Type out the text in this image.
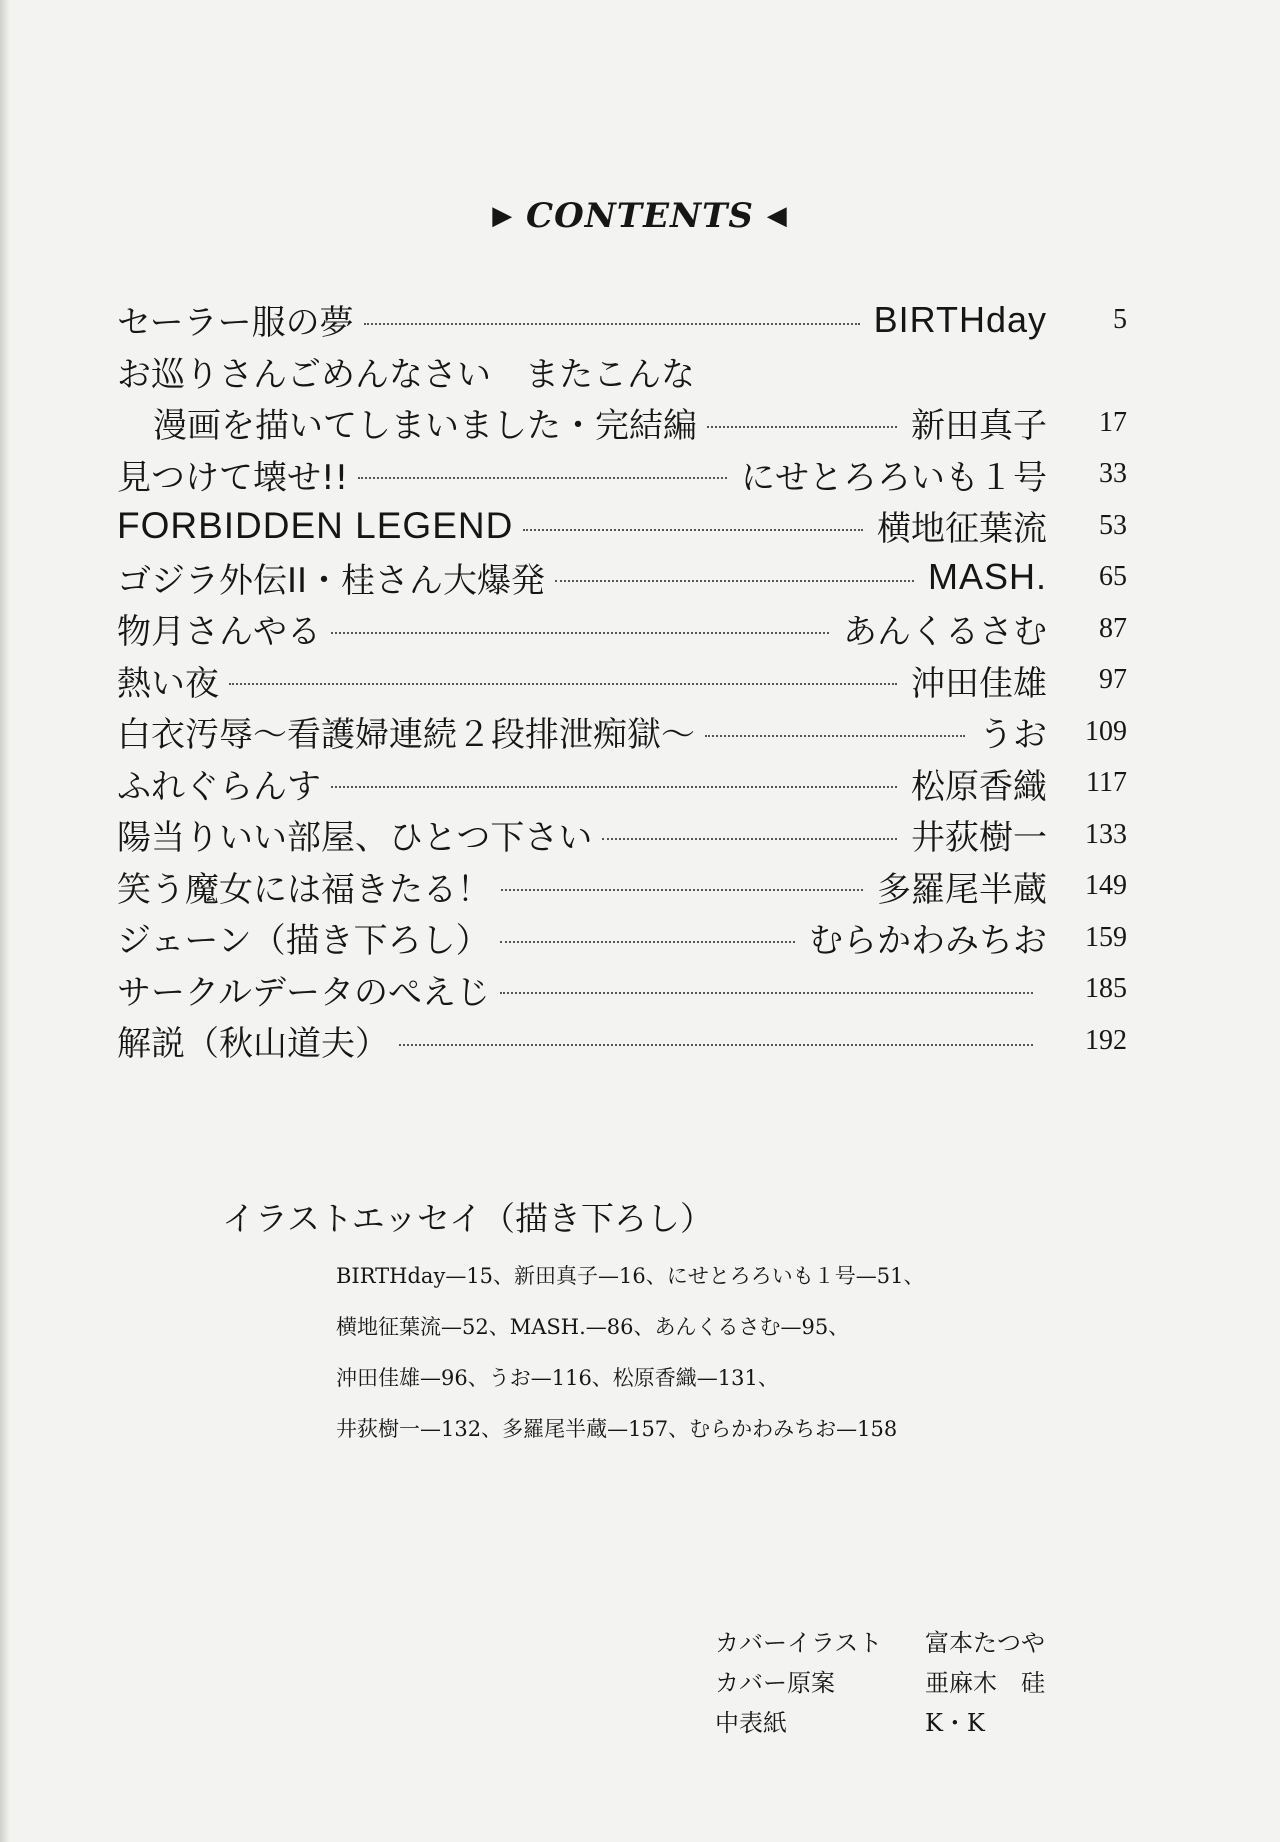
▶ CONTENTS ◀
セーラー服の夢	BIRTHday	5
お巡りさんごめんなさい　またこんな
漫画を描いてしまいました・完結編	新田真子	17
見つけて壊せ!!	にせとろろいも１号	33
FORBIDDEN LEGEND	横地征葉流	53
ゴジラ外伝II・桂さん大爆発	MASH.	65
物月さんやる	あんくるさむ	87
熱い夜	沖田佳雄	97
白衣汚辱〜看護婦連続２段排泄痴獄〜	うお	109
ふれぐらんす	松原香織	117
陽当りいい部屋、ひとつ下さい	井荻樹一	133
笑う魔女には福きたる！	多羅尾半蔵	149
ジェーン（描き下ろし）	むらかわみちお	159
サークルデータのぺえじ	185
解説（秋山道夫）	192
イラストエッセイ（描き下ろし）
BIRTHday—15、新田真子—16、にせとろろいも１号—51、
横地征葉流—52、MASH.—86、あんくるさむ—95、
沖田佳雄—96、うお—116、松原香織—131、
井荻樹一—132、多羅尾半蔵—157、むらかわみちお—158
カバーイラスト	富本たつや
カバー原案	亜麻木　硅
中表紙	K・K
